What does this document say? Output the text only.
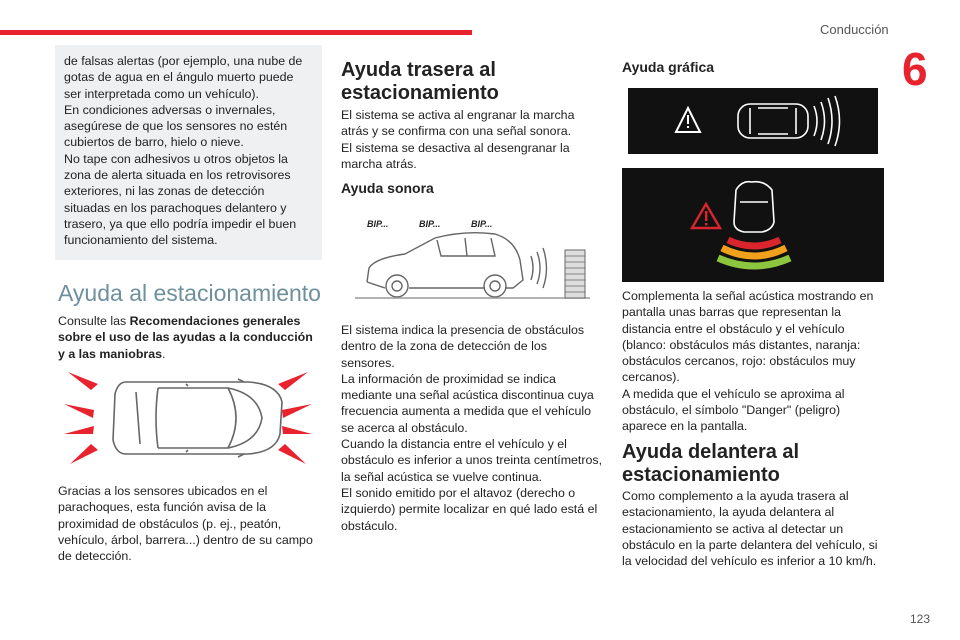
Conducción
6
123

de falsas alertas (por ejemplo, una nube de gotas de agua en el ángulo muerto puede ser interpretada como un vehículo).
En condiciones adversas o invernales, asegúrese de que los sensores no estén cubiertos de barro, hielo o nieve.
No tape con adhesivos u otros objetos la zona de alerta situada en los retrovisores exteriores, ni las zonas de detección situadas en los parachoques delantero y trasero, ya que ello podría impedir el buen funcionamiento del sistema.

Ayuda al estacionamiento
Consulte las Recomendaciones generales sobre el uso de las ayudas a la conducción y a las maniobras.
Gracias a los sensores ubicados en el parachoques, esta función avisa de la proximidad de obstáculos (p. ej., peatón, vehículo, árbol, barrera...) dentro de su campo de detección.
Ayuda trasera al estacionamiento
El sistema se activa al engranar la marcha atrás y se confirma con una señal sonora.
El sistema se desactiva al desengranar la marcha atrás.
Ayuda sonora
BIP...	BIP...	BIP...
El sistema indica la presencia de obstáculos dentro de la zona de detección de los sensores.
La información de proximidad se indica mediante una señal acústica discontinua cuya frecuencia aumenta a medida que el vehículo se acerca al obstáculo.
Cuando la distancia entre el vehículo y el obstáculo es inferior a unos treinta centímetros, la señal acústica se vuelve continua.
El sonido emitido por el altavoz (derecho o izquierdo) permite localizar en qué lado está el obstáculo.
Ayuda gráfica
Complementa la señal acústica mostrando en pantalla unas barras que representan la distancia entre el obstáculo y el vehículo (blanco: obstáculos más distantes, naranja: obstáculos cercanos, rojo: obstáculos muy cercanos).
A medida que el vehículo se aproxima al obstáculo, el símbolo "Danger" (peligro) aparece en la pantalla.
Ayuda delantera al estacionamiento
Como complemento a la ayuda trasera al estacionamiento, la ayuda delantera al estacionamiento se activa al detectar un obstáculo en la parte delantera del vehículo, si la velocidad del vehículo es inferior a 10 km/h.
